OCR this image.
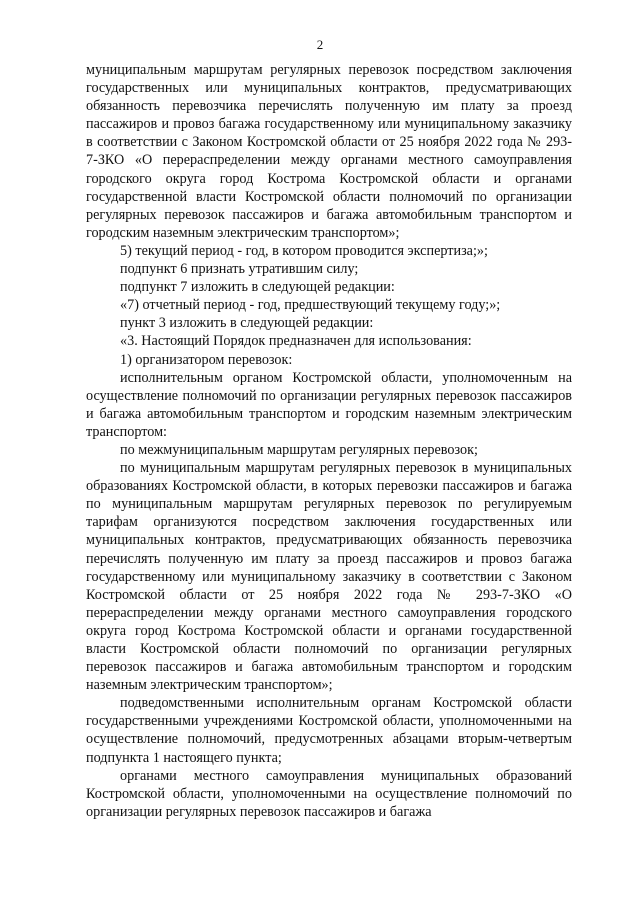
2

муниципальным маршрутам регулярных перевозок посредством заключения государственных или муниципальных контрактов, предусматривающих обязанность перевозчика перечислять полученную им плату за проезд пассажиров и провоз багажа государственному или муниципальному заказчику в соответствии с Законом Костромской области от 25 ноября 2022 года № 293-7-ЗКО «О перераспределении между органами местного самоуправления городского округа город Кострома Костромской области и органами государственной власти Костромской области полномочий по организации регулярных перевозок пассажиров и багажа автомобильным транспортом и городским наземным электрическим транспортом»;

5) текущий период - год, в котором проводится экспертиза;»;

подпункт 6 признать утратившим силу;

подпункт 7 изложить в следующей редакции:

«7) отчетный период - год, предшествующий текущему году;»;

пункт 3 изложить в следующей редакции:

«3. Настоящий Порядок предназначен для использования:

1) организатором перевозок:

исполнительным органом Костромской области, уполномоченным на осуществление полномочий по организации регулярных перевозок пассажиров и багажа автомобильным транспортом и городским наземным электрическим транспортом:

по межмуниципальным маршрутам регулярных перевозок;

по муниципальным маршрутам регулярных перевозок в муниципальных образованиях Костромской области, в которых перевозки пассажиров и багажа по муниципальным маршрутам регулярных перевозок по регулируемым тарифам организуются посредством заключения государственных или муниципальных контрактов, предусматривающих обязанность перевозчика перечислять полученную им плату за проезд пассажиров и провоз багажа государственному или муниципальному заказчику в соответствии с Законом Костромской области от 25 ноября 2022 года № 293-7-ЗКО «О перераспределении между органами местного самоуправления городского округа город Кострома Костромской области и органами государственной власти Костромской области полномочий по организации регулярных перевозок пассажиров и багажа автомобильным транспортом и городским наземным электрическим транспортом»;

подведомственными исполнительным органам Костромской области государственными учреждениями Костромской области, уполномоченными на осуществление полномочий, предусмотренных абзацами вторым-четвертым подпункта 1 настоящего пункта;

органами местного самоуправления муниципальных образований Костромской области, уполномоченными на осуществление полномочий по организации регулярных перевозок пассажиров и багажа
